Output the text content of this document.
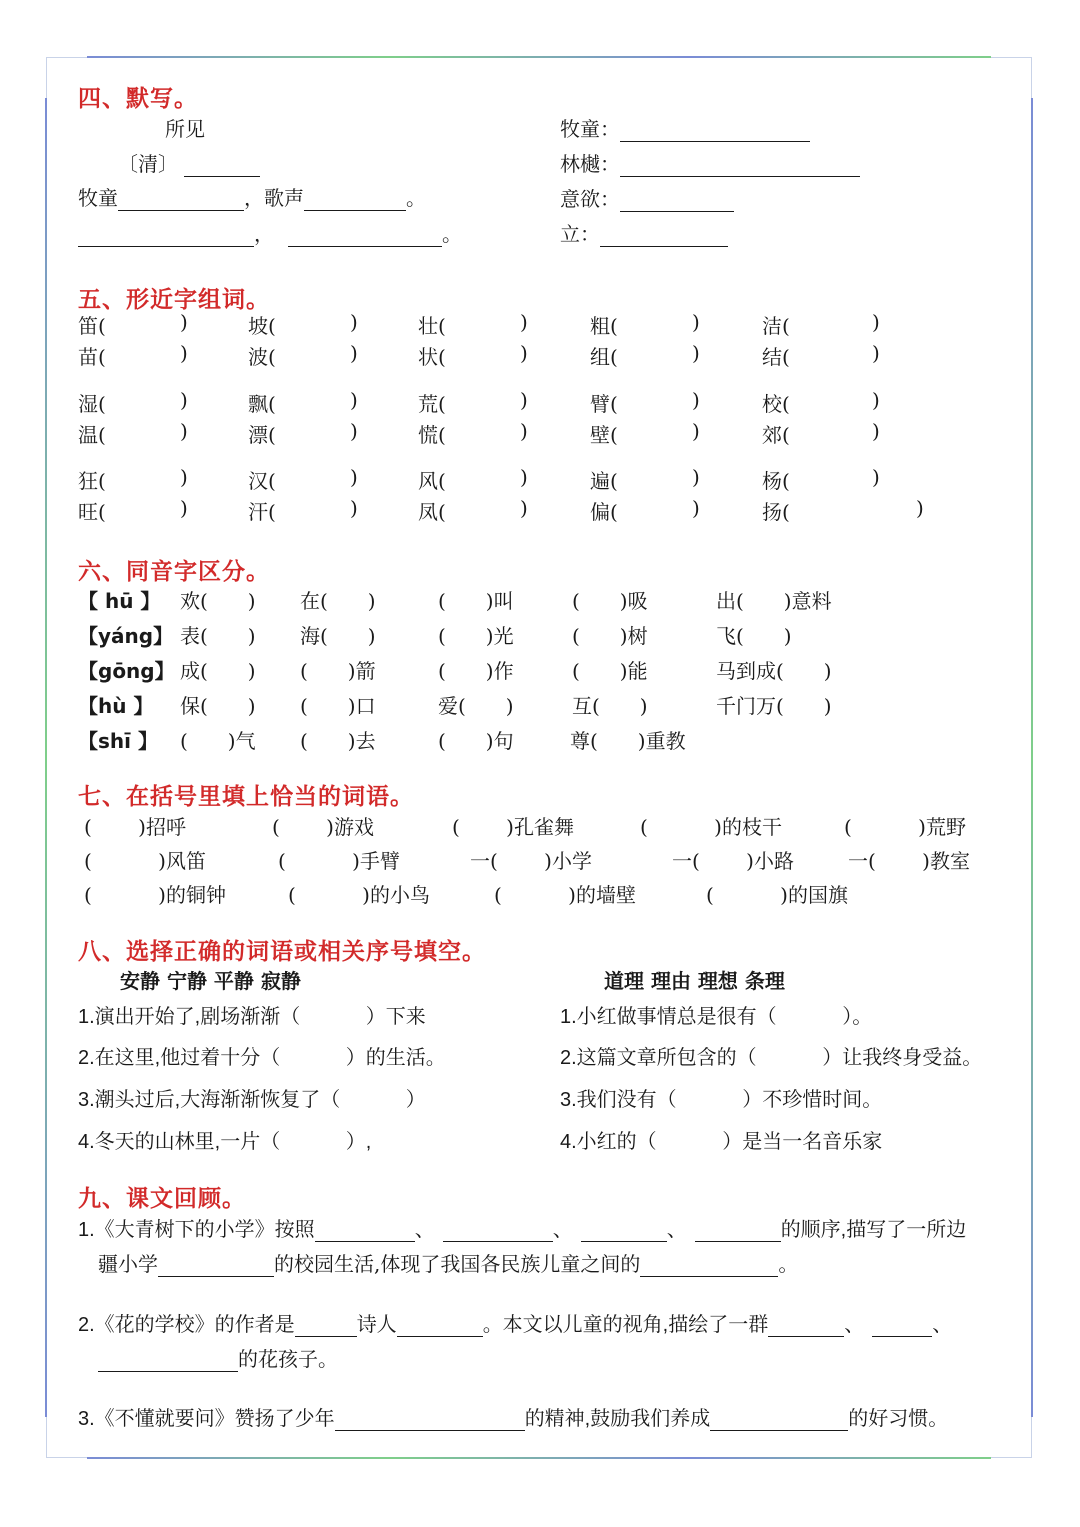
四、默写。
所见
〔清〕
牧童	，歌声	。
，	。
牧童：
林樾：
意欲：
立：
五、形近字组词。
笛(	)	坡(	)	壮(	)	粗(	)	洁(	)
苗(	)	波(	)	状(	)	组(	)	结(	)
湿(	)	飘(	)	荒(	)	臂(	)	校(	)
温(	)	漂(	)	慌(	)	壁(	)	郊(	)
狂(	)	汉(	)	风(	)	遍(	)	杨(	)
旺(	)	汗(	)	凤(	)	偏(	)	扬(	)
六、同音字区分。
【 hū 】 欢(　　) 在(　　)	(　　)叫	(　　)吸	出(　　)意料
【yáng】 表(　　) 海(　　)	(　　)光	(　　)树	飞(　　)
【gōng】 成(　　) (　　)箭	(　　)作	(　　)能	马到成(　　)
【hù 】 保(　　) (　　)口	爱(　　)	互(　　)	千门万(　　)
【shī 】 (　　)气 (　　)去	(　　)句	尊(　　)重教
七、在括号里填上恰当的词语。
(　　 )招呼	(　　 )游戏	(　　 )孔雀舞	(　　　 )的枝干	(　　　 )荒野
(　　　 )风笛	(　　　 )手臂	一(　　 )小学	一(　　 )小路	一(　　 )教室
(　　　 )的铜钟	(　　　 )的小鸟	(　　　 )的墙壁	(　　　 )的国旗
八、选择正确的词语或相关序号填空。
安静 宁静 平静 寂静	道理 理由 理想 条理
1.演出开始了,剧场渐渐（　　　 ）下来
2.在这里,他过着十分（　　　 ）的生活。
3.潮头过后,大海渐渐恢复了（　　　 ）
4.冬天的山林里,一片（　　　 ）,
1.小红做事情总是很有（　　　 ）。
2.这篇文章所包含的（　　　 ）让我终身受益。
3.我们没有（　　　 ）不珍惜时间。
4.小红的（　　　 ）是当一名音乐家
九、课文回顾。
1.《大青树下的小学》按照	、	、	、	的顺序,描写了一所边
疆小学	的校园生活,体现了我国各民族儿童之间的	。
2.《花的学校》的作者是	诗人	。本文以儿童的视角,描绘了一群	、	、
的花孩子。
3.《不懂就要问》赞扬了少年	的精神,鼓励我们养成	的好习惯。
